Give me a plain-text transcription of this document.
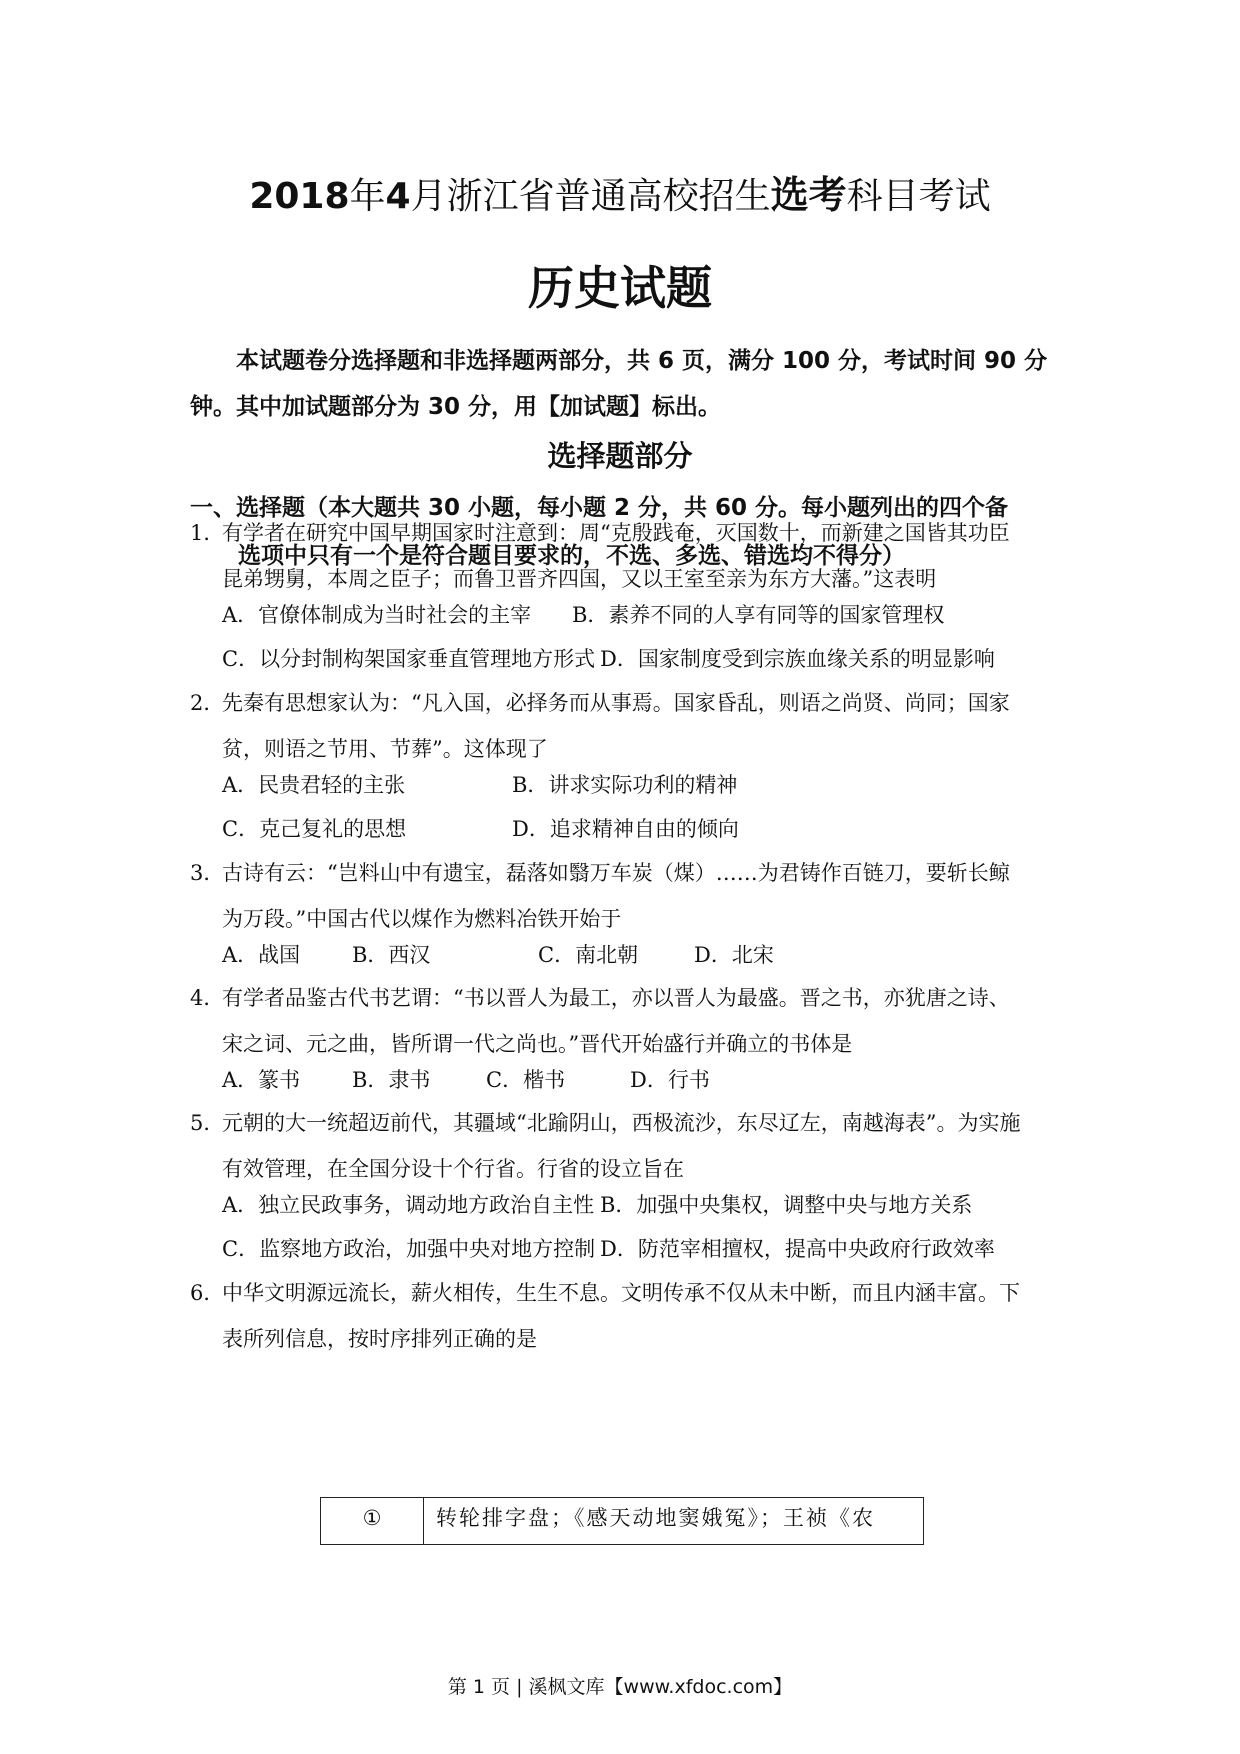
2018年4月浙江省普通高校招生选考科目考试
历史试题
本试题卷分选择题和非选择题两部分，共 6 页，满分 100 分，考试时间 90 分钟。其中加试题部分为 30 分，用【加试题】标出。
选择题部分
一、选择题（本大题共 30 小题，每小题 2 分，共 60 分。每小题列出的四个备
选项中只有一个是符合题目要求的，不选、多选、错选均不得分）
1．有学者在研究中国早期国家时注意到：周“克殷践奄，灭国数十，而新建之国皆其功臣
昆弟甥舅，本周之臣子；而鲁卫晋齐四国，又以王室至亲为东方大藩。”这表明
A．官僚体制成为当时社会的主宰 B．素养不同的人享有同等的国家管理权
C．以分封制构架国家垂直管理地方形式 D．国家制度受到宗族血缘关系的明显影响
2．先秦有思想家认为：“凡入国，必择务而从事焉。国家昏乱，则语之尚贤、尚同；国家
贫，则语之节用、节葬”。这体现了
A．民贵君轻的主张	B．讲求实际功利的精神
C．克己复礼的思想	D．追求精神自由的倾向
3．古诗有云：“岂料山中有遗宝，磊落如翳万车炭（煤）……为君铸作百链刀，要斩长鲸
为万段。”中国古代以煤作为燃料冶铁开始于
A．战国 B．西汉	C．南北朝	D．北宋
4．有学者品鉴古代书艺谓：“书以晋人为最工，亦以晋人为最盛。晋之书，亦犹唐之诗、
宋之词、元之曲，皆所谓一代之尚也。”晋代开始盛行并确立的书体是
A．篆书 B．隶书	C．楷书	D．行书
5．元朝的大一统超迈前代，其疆域“北踰阴山，西极流沙，东尽辽左，南越海表”。为实施
有效管理，在全国分设十个行省。行省的设立旨在
A．独立民政事务，调动地方政治自主性 B．加强中央集权，调整中央与地方关系
C．监察地方政治，加强中央对地方控制 D．防范宰相擅权，提高中央政府行政效率
6．中华文明源远流长，薪火相传，生生不息。文明传承不仅从未中断，而且内涵丰富。下
表所列信息，按时序排列正确的是
①	转轮排字盘；《感天动地窦娥冤》；王祯《农
第 1 页 | 溪枫文库【www.xfdoc.com】
